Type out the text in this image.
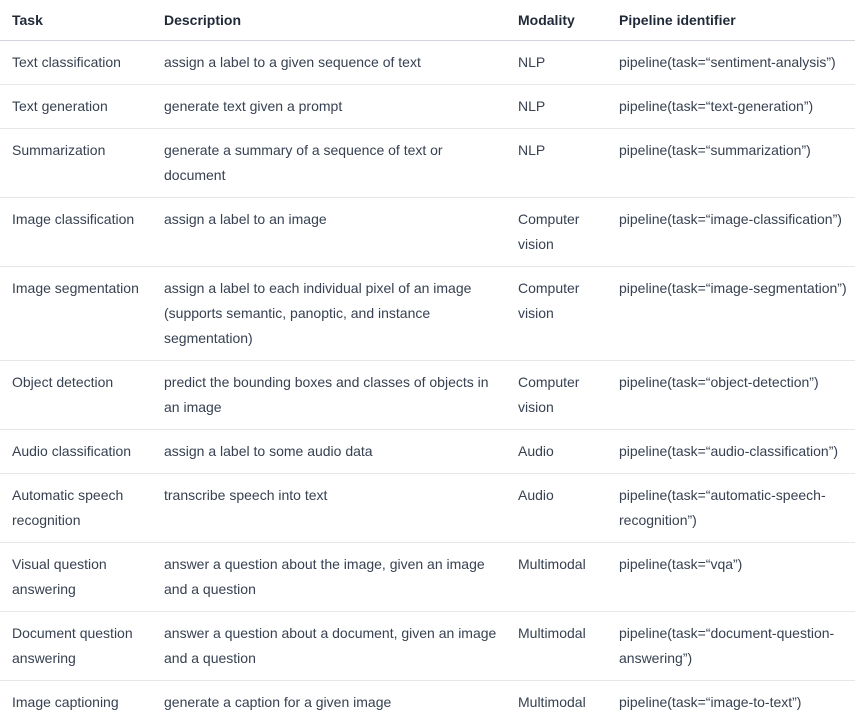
Task	Description	Modality	Pipeline identifier
Text classification	assign a label to a given sequence of text	NLP	pipeline(task=“sentiment-analysis”)
Text generation	generate text given a prompt	NLP	pipeline(task=“text-generation”)
Summarization	generate a summary of a sequence of text or document	NLP	pipeline(task=“summarization”)
Image classification	assign a label to an image	Computer vision	pipeline(task=“image-classification”)
Image segmentation	assign a label to each individual pixel of an image (supports semantic, panoptic, and instance segmentation)	Computer vision	pipeline(task=“image-segmentation”)
Object detection	predict the bounding boxes and classes of objects in an image	Computer vision	pipeline(task=“object-detection”)
Audio classification	assign a label to some audio data	Audio	pipeline(task=“audio-classification”)
Automatic speech recognition	transcribe speech into text	Audio	pipeline(task=“automatic-speech-recognition”)
Visual question answering	answer a question about the image, given an image and a question	Multimodal	pipeline(task=“vqa”)
Document question answering	answer a question about a document, given an image and a question	Multimodal	pipeline(task=“document-question-answering”)
Image captioning	generate a caption for a given image	Multimodal	pipeline(task=“image-to-text”)
